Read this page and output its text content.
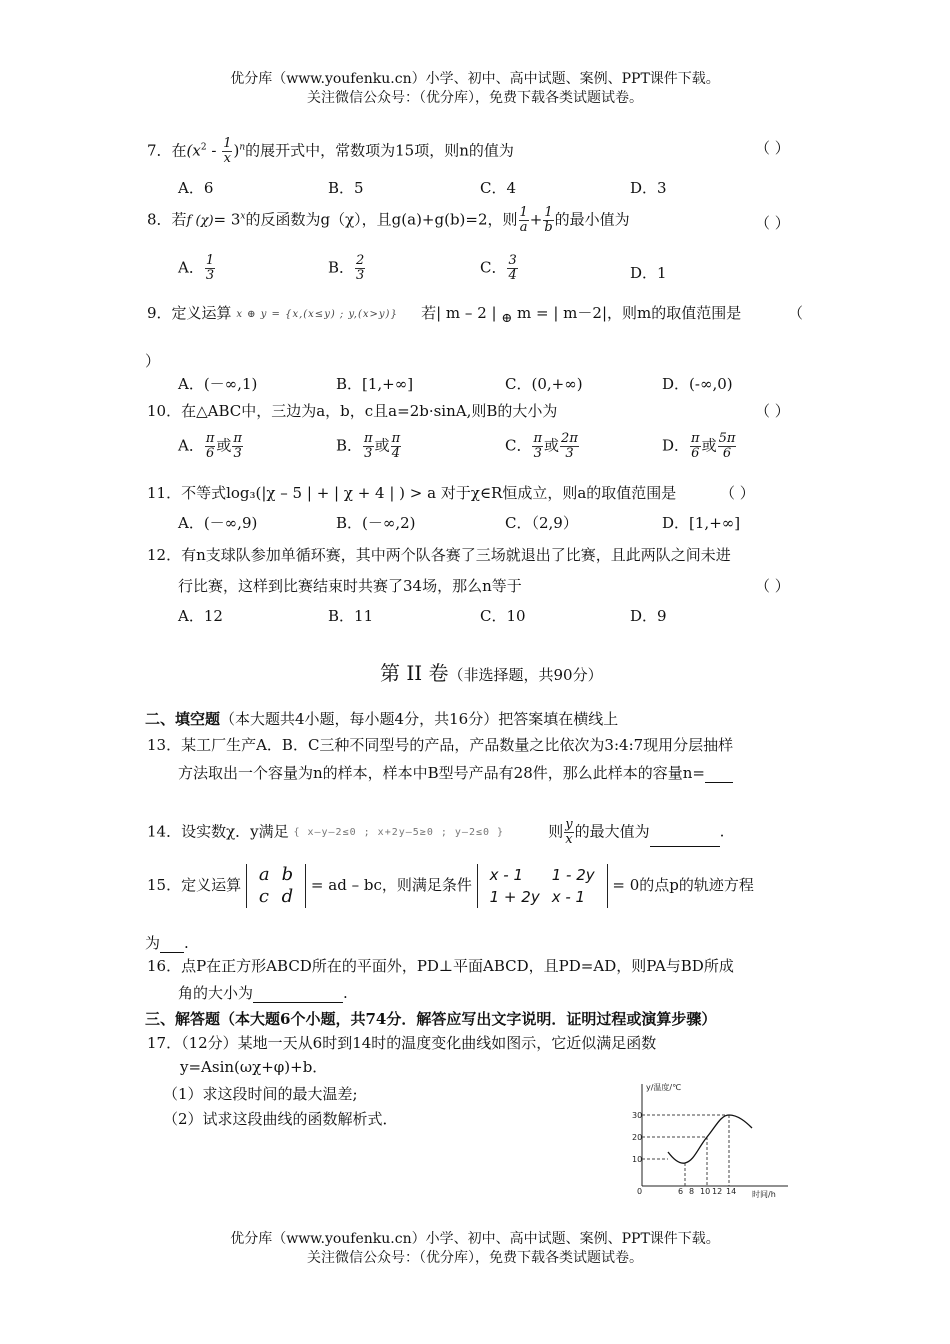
优分库（www.youfenku.cn）小学、初中、高中试题、案例、PPT课件下载。
关注微信公众号：（优分库），免费下载各类试题试卷。
7．在$(x^2 - \frac{1}{x} )^n$的展开式中，常数项为15项，则n的值为	（ ）
A．6	B．5	C．4	D．3
8．若f $(\chi)= 3^x$的反函数为g（χ），且g(a)+g(b)=2，则 $\frac{1}{a} + \frac{1}{b}$ 的最小值为	（ ）
A． $\frac{1}{3}$	B． $\frac{2}{3}$	C． $\frac{3}{4}$	D．1
9．定义运算 x ⊕ y = {x,(x≤y) ; y,(x>y)} 若| m – 2 | $_\oplus$ m = | m－2|，则m的取值范围是	（
）
A．(－∞,1)	B．[1,+∞]	C．(0,+∞)	D．(-∞,0)
10．在△ABC中，三边为a，b，c且a=2b·sinA,则B的大小为	（ ）
A． $\frac{\pi}{6}$ 或 $\frac{\pi}{3}$	B． $\frac{\pi}{3}$ 或 $\frac{\pi}{4}$	C． $\frac{\pi}{3}$ 或 $\frac{2\pi}{3}$	D． $\frac{\pi}{6}$ 或 $\frac{5\pi}{6}$
11．不等式log₃(|χ – 5 | + | χ + 4 | ) > a 对于χ∈R恒成立，则a的取值范围是	（ ）
A．(－∞,9)	B．(－∞,2)	C．（2,9）	D．[1,+∞]
12．有n支球队参加单循环赛，其中两个队各赛了三场就退出了比赛，且此两队之间未进
行比赛，这样到比赛结束时共赛了34场，那么n等于	（ ）
A．12	B．11	C．10	D．9
第 II 卷（非选择题，共90分）
二、填空题（本大题共4小题，每小题4分，共16分）把答案填在横线上
13．某工厂生产A．B．C三种不同型号的产品，产品数量之比依次为3:4:7现用分层抽样
方法取出一个容量为n的样本，样本中B型号产品有28件，那么此样本的容量n=
14．设实数χ．y满足 { x–y–2≤0 ; x+2y–5≥0 ; y–2≤0 }	则 $\frac{y}{x}$ 的最大值为	.
15．定义运算 a	b
c	d
= ad – bc，则满足条件
x - 1	1 - 2y
1 + 2y	x - 1
= 0的点p的轨迹方程
为 .
16．点P在正方形ABCD所在的平面外，PD⊥平面ABCD，且PD=AD，则PA与BD所成
角的大小为	.
三、解答题（本大题6个小题，共74分．解答应写出文字说明．证明过程或演算步骤）
17．（12分）某地一天从6时到14时的温度变化曲线如图示，它近似满足函数
y=Asin(ωχ+φ)+b．
（1）求这段时间的最大温差;
（2）试求这段曲线的函数解析式．
y/温度/℃
时间/h
10
20
30
0	6 8 10 12 14
优分库（www.youfenku.cn）小学、初中、高中试题、案例、PPT课件下载。
关注微信公众号：（优分库），免费下载各类试题试卷。
